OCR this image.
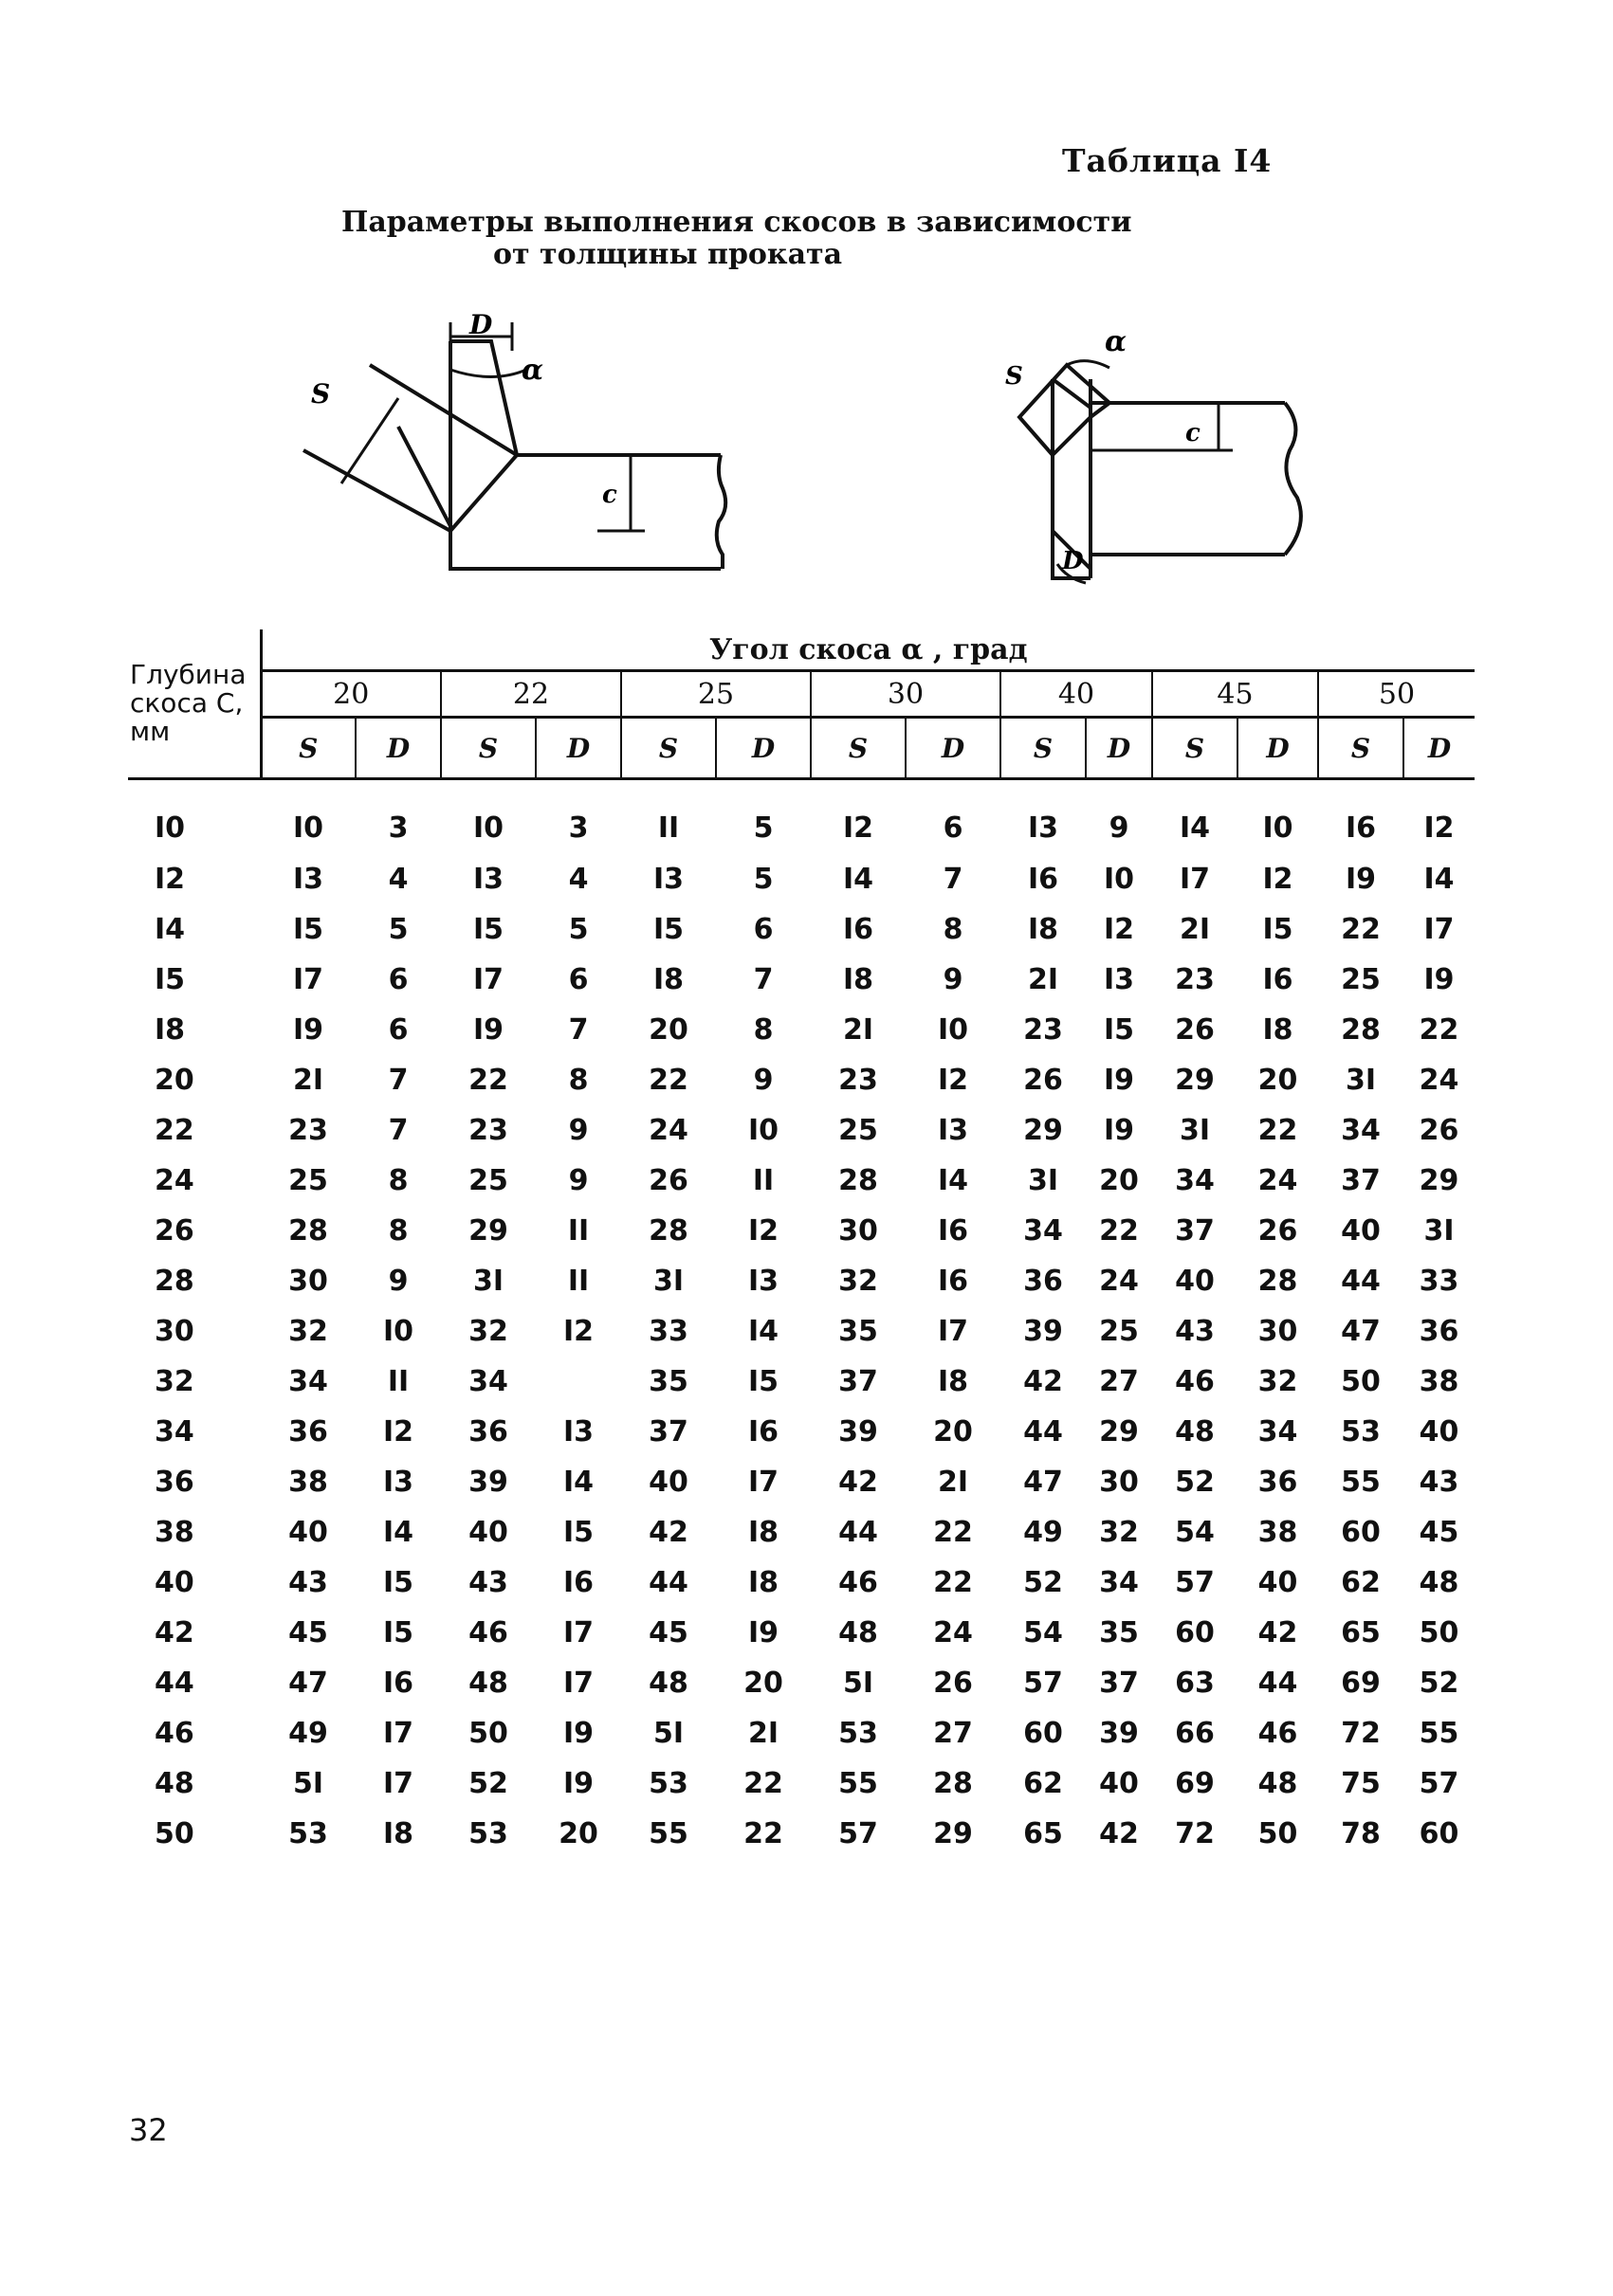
Таблица I4
Параметры выполнения скосов в зависимости
от толщины проката
S
D
α
c
S
α
c
D
Глубина скоса С, мм	Угол скоса α , град													
	20		22		25		30		40		45		50	
	S	D	S	D	S	D	S	D	S	D	S	D	S	D
I0	I0	3	I0	3	II	5	I2	6	I3	9	I4	I0	I6	I2
I2	I3	4	I3	4	I3	5	I4	7	I6	I0	I7	I2	I9	I4
I4	I5	5	I5	5	I5	6	I6	8	I8	I2	2I	I5	22	I7
I5	I7	6	I7	6	I8	7	I8	9	2I	I3	23	I6	25	I9
I8	I9	6	I9	7	20	8	2I	I0	23	I5	26	I8	28	22
20	2I	7	22	8	22	9	23	I2	26	I9	29	20	3I	24
22	23	7	23	9	24	I0	25	I3	29	I9	3I	22	34	26
24	25	8	25	9	26	II	28	I4	3I	20	34	24	37	29
26	28	8	29	II	28	I2	30	I6	34	22	37	26	40	3I
28	30	9	3I	II	3I	I3	32	I6	36	24	40	28	44	33
30	32	I0	32	I2	33	I4	35	I7	39	25	43	30	47	36
32	34	II	34		35	I5	37	I8	42	27	46	32	50	38
34	36	I2	36	I3	37	I6	39	20	44	29	48	34	53	40
36	38	I3	39	I4	40	I7	42	2I	47	30	52	36	55	43
38	40	I4	40	I5	42	I8	44	22	49	32	54	38	60	45
40	43	I5	43	I6	44	I8	46	22	52	34	57	40	62	48
42	45	I5	46	I7	45	I9	48	24	54	35	60	42	65	50
44	47	I6	48	I7	48	20	5I	26	57	37	63	44	69	52
46	49	I7	50	I9	5I	2I	53	27	60	39	66	46	72	55
48	5I	I7	52	I9	53	22	55	28	62	40	69	48	75	57
50	53	I8	53	20	55	22	57	29	65	42	72	50	78	60
32
